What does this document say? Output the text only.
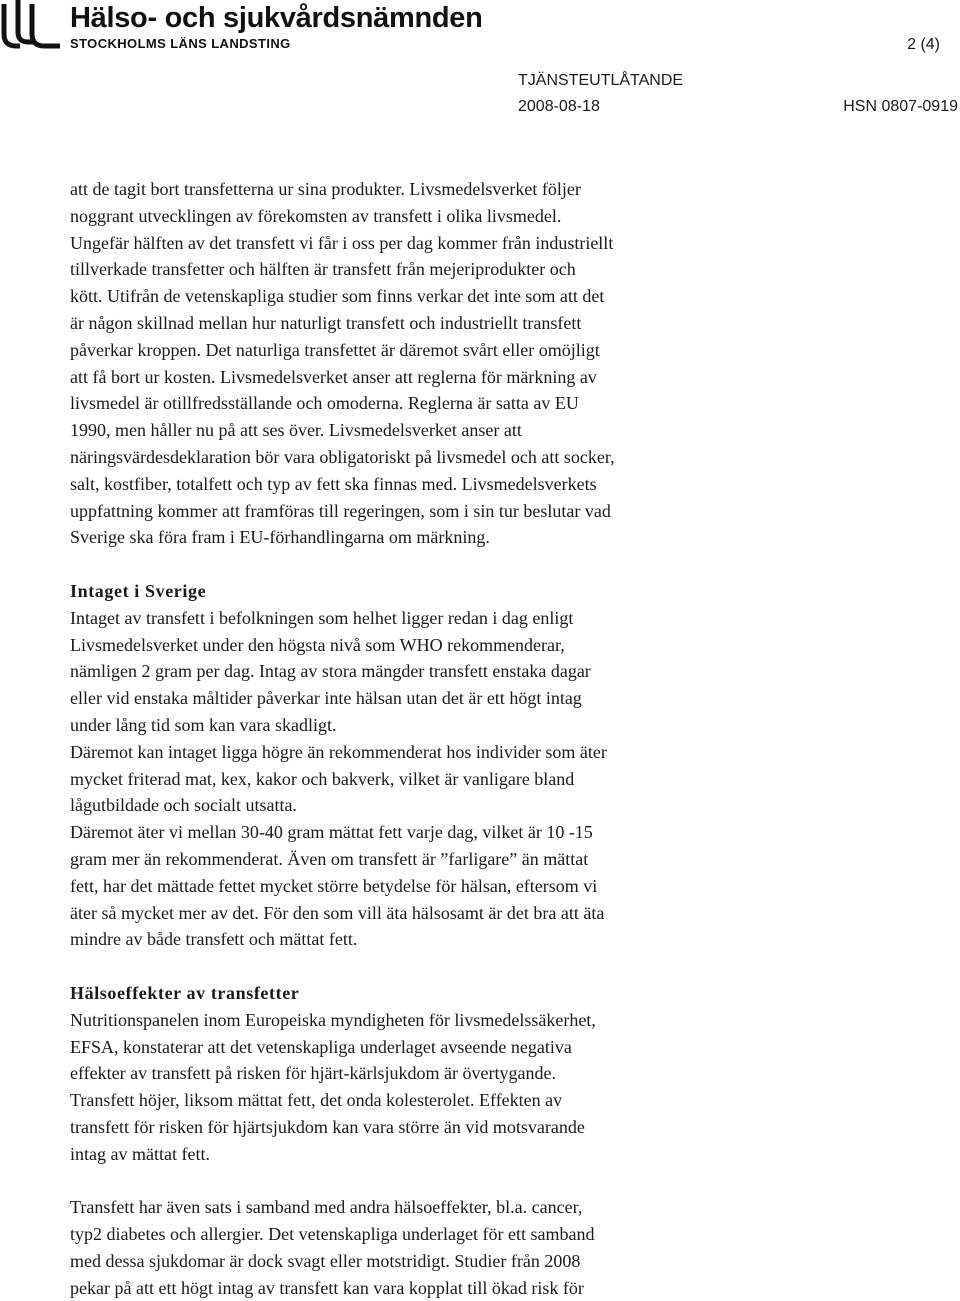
Hälso- och sjukvårdsnämnden
STOCKHOLMS LÄNS LANDSTING	2 (4)
TJÄNSTEUTLÅTANDE
2008-08-18	HSN 0807-0919
att de tagit bort transfetterna ur sina produkter. Livsmedelsverket följer
noggrant utvecklingen av förekomsten av transfett i olika livsmedel.
Ungefär hälften av det transfett vi får i oss per dag kommer från industriellt
tillverkade transfetter och hälften är transfett från mejeriprodukter och
kött. Utifrån de vetenskapliga studier som finns verkar det inte som att det
är någon skillnad mellan hur naturligt transfett och industriellt transfett
påverkar kroppen. Det naturliga transfettet är däremot svårt eller omöjligt
att få bort ur kosten. Livsmedelsverket anser att reglerna för märkning av
livsmedel är otillfredsställande och omoderna. Reglerna är satta av EU
1990, men håller nu på att ses över. Livsmedelsverket anser att
näringsvärdesdeklaration bör vara obligatoriskt på livsmedel och att socker,
salt, kostfiber, totalfett och typ av fett ska finnas med. Livsmedelsverkets
uppfattning kommer att framföras till regeringen, som i sin tur beslutar vad
Sverige ska föra fram i EU-förhandlingarna om märkning.
Intaget i Sverige
Intaget av transfett i befolkningen som helhet ligger redan i dag enligt
Livsmedelsverket under den högsta nivå som WHO rekommenderar,
nämligen 2 gram per dag. Intag av stora mängder transfett enstaka dagar
eller vid enstaka måltider påverkar inte hälsan utan det är ett högt intag
under lång tid som kan vara skadligt.
Däremot kan intaget ligga högre än rekommenderat hos individer som äter
mycket friterad mat, kex, kakor och bakverk, vilket är vanligare bland
lågutbildade och socialt utsatta.
Däremot äter vi mellan 30-40 gram mättat fett varje dag, vilket är 10 -15
gram mer än rekommenderat. Även om transfett är ”farligare” än mättat
fett, har det mättade fettet mycket större betydelse för hälsan, eftersom vi
äter så mycket mer av det. För den som vill äta hälsosamt är det bra att äta
mindre av både transfett och mättat fett.
Hälsoeffekter av transfetter
Nutritionspanelen inom Europeiska myndigheten för livsmedelssäkerhet,
EFSA, konstaterar att det vetenskapliga underlaget avseende negativa
effekter av transfett på risken för hjärt-kärlsjukdom är övertygande.
Transfett höjer, liksom mättat fett, det onda kolesterolet. Effekten av
transfett för risken för hjärtsjukdom kan vara större än vid motsvarande
intag av mättat fett.
Transfett har även sats i samband med andra hälsoeffekter, bl.a. cancer,
typ2 diabetes och allergier. Det vetenskapliga underlaget för ett samband
med dessa sjukdomar är dock svagt eller motstridigt. Studier från 2008
pekar på att ett högt intag av transfett kan vara kopplat till ökad risk för
